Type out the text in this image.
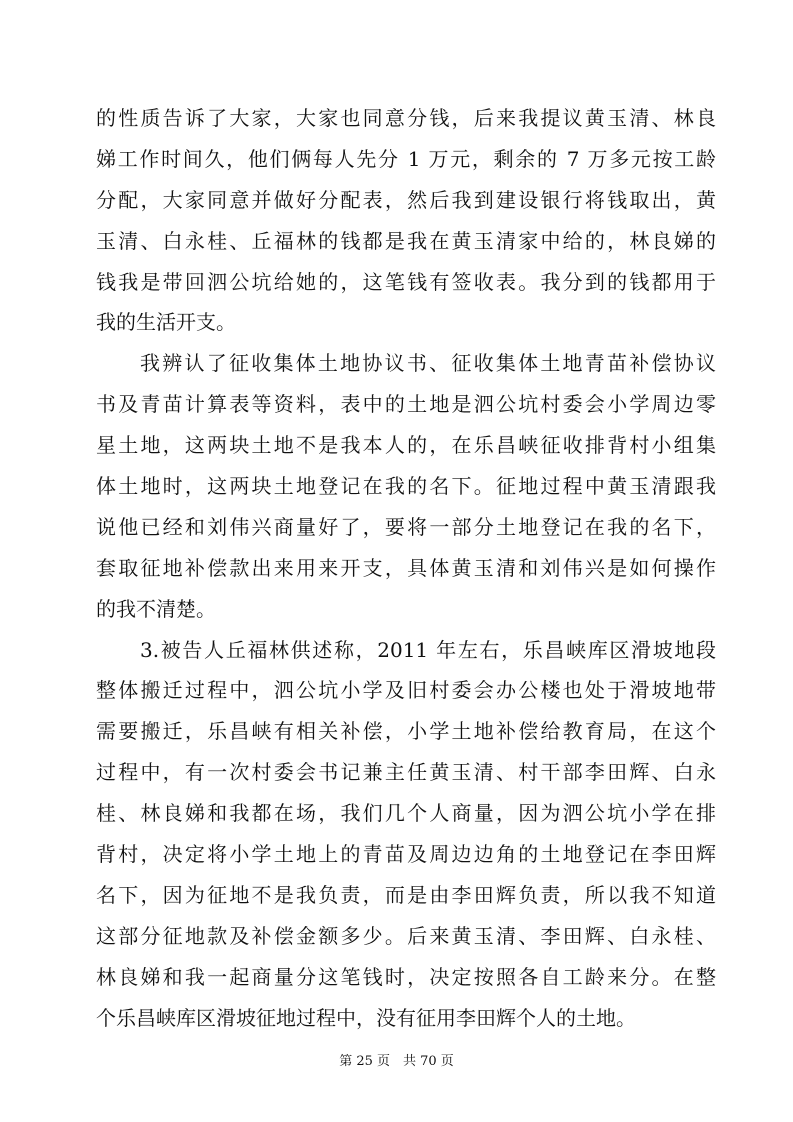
的性质告诉了大家，大家也同意分钱，后来我提议黄玉清、林良
娣工作时间久，他们俩每人先分 1 万元，剩余的 7 万多元按工龄
分配，大家同意并做好分配表，然后我到建设银行将钱取出，黄
玉清、白永桂、丘福林的钱都是我在黄玉清家中给的，林良娣的
钱我是带回泗公坑给她的，这笔钱有签收表。我分到的钱都用于
我的生活开支。
我辨认了征收集体土地协议书、征收集体土地青苗补偿协议
书及青苗计算表等资料，表中的土地是泗公坑村委会小学周边零
星土地，这两块土地不是我本人的，在乐昌峡征收排背村小组集
体土地时，这两块土地登记在我的名下。征地过程中黄玉清跟我
说他已经和刘伟兴商量好了，要将一部分土地登记在我的名下，
套取征地补偿款出来用来开支，具体黄玉清和刘伟兴是如何操作
的我不清楚。
3.被告人丘福林供述称，2011 年左右，乐昌峡库区滑坡地段
整体搬迁过程中，泗公坑小学及旧村委会办公楼也处于滑坡地带
需要搬迁，乐昌峡有相关补偿，小学土地补偿给教育局，在这个
过程中，有一次村委会书记兼主任黄玉清、村干部李田辉、白永
桂、林良娣和我都在场，我们几个人商量，因为泗公坑小学在排
背村，决定将小学土地上的青苗及周边边角的土地登记在李田辉
名下，因为征地不是我负责，而是由李田辉负责，所以我不知道
这部分征地款及补偿金额多少。后来黄玉清、李田辉、白永桂、
林良娣和我一起商量分这笔钱时，决定按照各自工龄来分。在整
个乐昌峡库区滑坡征地过程中，没有征用李田辉个人的土地。
第 25 页　共 70 页
